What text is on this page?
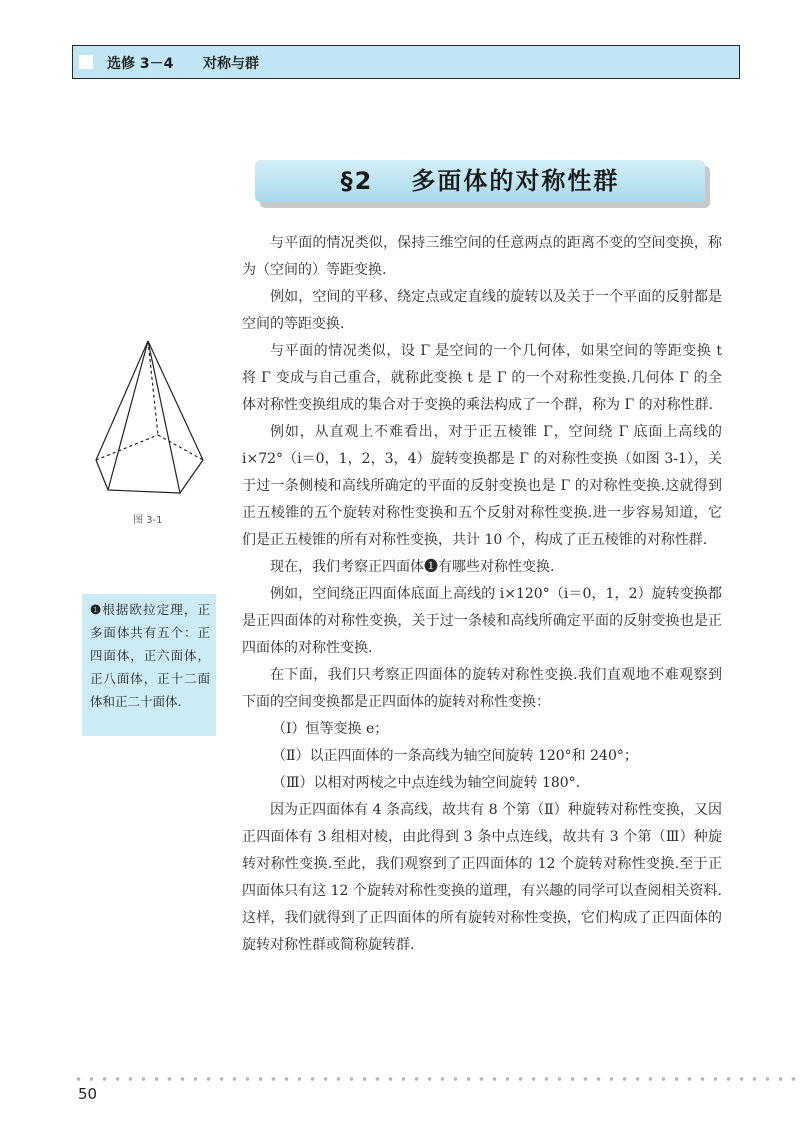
选修 3－4 对称与群
§2 多面体的对称性群

与平面的情况类似，保持三维空间的任意两点的距离不变的空间变换，称为（空间的）等距变换.

例如，空间的平移、绕定点或定直线的旋转以及关于一个平面的反射都是空间的等距变换.

与平面的情况类似，设 Γ 是空间的一个几何体，如果空间的等距变换 t 将 Γ 变成与自己重合，就称此变换 t 是 Γ 的一个对称性变换.几何体 Γ 的全体对称性变换组成的集合对于变换的乘法构成了一个群，称为 Γ 的对称性群.

例如，从直观上不难看出，对于正五棱锥 Γ，空间绕 Γ 底面上高线的 i×72°（i＝0，1，2，3，4）旋转变换都是 Γ 的对称性变换（如图 3-1），关于过一条侧棱和高线所确定的平面的反射变换也是 Γ 的对称性变换.这就得到正五棱锥的五个旋转对称性变换和五个反射对称性变换.进一步容易知道，它们是正五棱锥的所有对称性变换，共计 10 个，构成了正五棱锥的对称性群.

现在，我们考察正四面体❶有哪些对称性变换.

例如，空间绕正四面体底面上高线的 i×120°（i＝0，1，2）旋转变换都是正四面体的对称性变换，关于过一条棱和高线所确定平面的反射变换也是正四面体的对称性变换.

在下面，我们只考察正四面体的旋转对称性变换.我们直观地不难观察到下面的空间变换都是正四面体的旋转对称性变换：

（Ⅰ）恒等变换 e；

（Ⅱ）以正四面体的一条高线为轴空间旋转 120°和 240°；

（Ⅲ）以相对两棱之中点连线为轴空间旋转 180°.

因为正四面体有 4 条高线，故共有 8 个第（Ⅱ）种旋转对称性变换，又因正四面体有 3 组相对棱，由此得到 3 条中点连线，故共有 3 个第（Ⅲ）种旋转对称性变换.至此，我们观察到了正四面体的 12 个旋转对称性变换.至于正四面体只有这 12 个旋转对称性变换的道理，有兴趣的同学可以查阅相关资料.这样，我们就得到了正四面体的所有旋转对称性变换，它们构成了正四面体的旋转对称性群或简称旋转群.

图 3-1
❶根据欧拉定理，正多面体共有五个：正四面体，正六面体，正八面体，正十二面体和正二十面体.
50
